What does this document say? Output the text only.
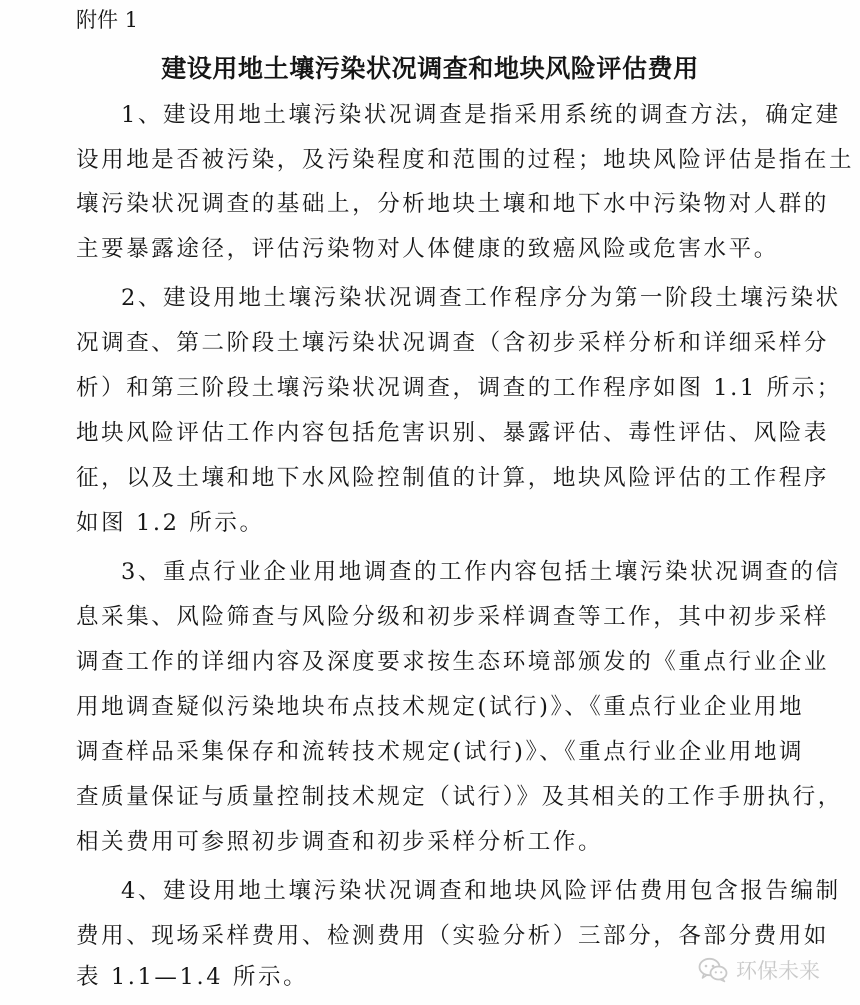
附件 1
建设用地土壤污染状况调查和地块风险评估费用
1、建设用地土壤污染状况调查是指采用系统的调查方法，确定建
设用地是否被污染，及污染程度和范围的过程；地块风险评估是指在土
壤污染状况调查的基础上，分析地块土壤和地下水中污染物对人群的
主要暴露途径，评估污染物对人体健康的致癌风险或危害水平。
2、建设用地土壤污染状况调查工作程序分为第一阶段土壤污染状
况调查、第二阶段土壤污染状况调查（含初步采样分析和详细采样分
析）和第三阶段土壤污染状况调查，调查的工作程序如图 1.1 所示；
地块风险评估工作内容包括危害识别、暴露评估、毒性评估、风险表
征，以及土壤和地下水风险控制值的计算，地块风险评估的工作程序
如图 1.2 所示。
3、重点行业企业用地调查的工作内容包括土壤污染状况调查的信
息采集、风险筛查与风险分级和初步采样调查等工作，其中初步采样
调查工作的详细内容及深度要求按生态环境部颁发的《重点行业企业
用地调查疑似污染地块布点技术规定(试行)》、《重点行业企业用地
调查样品采集保存和流转技术规定(试行)》、《重点行业企业用地调
查质量保证与质量控制技术规定（试行）》及其相关的工作手册执行，
相关费用可参照初步调查和初步采样分析工作。
4、建设用地土壤污染状况调查和地块风险评估费用包含报告编制
费用、现场采样费用、检测费用（实验分析）三部分，各部分费用如
表 1.1—1.4 所示。	环保未来
